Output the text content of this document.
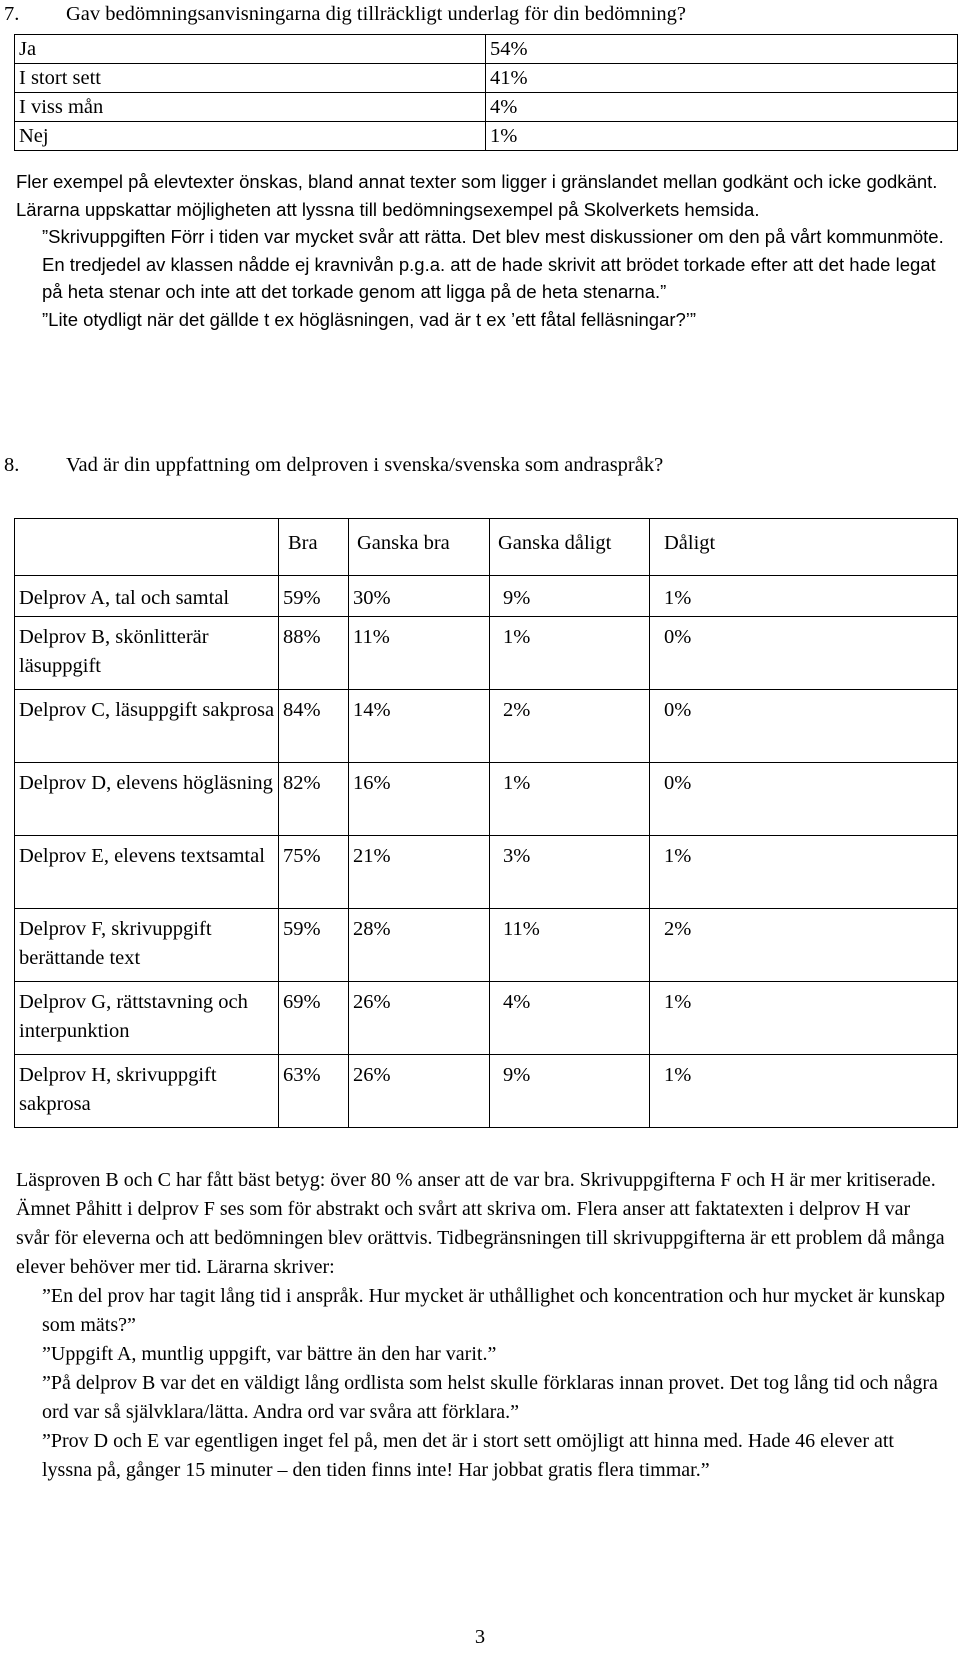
7. Gav bedömningsanvisningarna dig tillräckligt underlag för din bedömning?
Ja	54%
I stort sett	41%
I viss mån	4%
Nej	1%

Fler exempel på elevtexter önskas, bland annat texter som ligger i gränslandet mellan godkänt och icke godkänt. Lärarna uppskattar möjligheten att lyssna till bedömningsexempel på Skolverkets hemsida.

”Skrivuppgiften Förr i tiden var mycket svår att rätta. Det blev mest diskussioner om den på vårt kommunmöte. En tredjedel av klassen nådde ej kravnivån p.g.a. att de hade skrivit att brödet torkade efter att det hade legat på heta stenar och inte att det torkade genom att ligga på de heta stenarna.”

”Lite otydligt när det gällde t ex högläsningen, vad är t ex ’ett fåtal felläsningar?’”

8. Vad är din uppfattning om delproven i svenska/svenska som andraspråk?
	Bra	Ganska bra	Ganska dåligt	Dåligt
Delprov A, tal och samtal	59%	30%	9%	1%
Delprov B, skönlitterär läsuppgift	88%	11%	1%	0%
Delprov C, läsuppgift sakprosa	84%	14%	2%	0%
Delprov D, elevens högläsning	82%	16%	1%	0%
Delprov E, elevens textsamtal	75%	21%	3%	1%
Delprov F, skrivuppgift berättande text	59%	28%	11%	2%
Delprov G, rättstavning och interpunktion	69%	26%	4%	1%
Delprov H, skrivuppgift sakprosa	63%	26%	9%	1%

Läsproven B och C har fått bäst betyg: över 80 % anser att de var bra. Skrivuppgifterna F och H är mer kritiserade. Ämnet Påhitt i delprov F ses som för abstrakt och svårt att skriva om. Flera anser att faktatexten i delprov H var svår för eleverna och att bedömningen blev orättvis. Tidbegränsningen till skrivuppgifterna är ett problem då många elever behöver mer tid. Lärarna skriver:

”En del prov har tagit lång tid i anspråk. Hur mycket är uthållighet och koncentration och hur mycket är kunskap som mäts?”

”Uppgift A, muntlig uppgift, var bättre än den har varit.”

”På delprov B var det en väldigt lång ordlista som helst skulle förklaras innan provet. Det tog lång tid och några ord var så självklara/lätta. Andra ord var svåra att förklara.”

”Prov D och E var egentligen inget fel på, men det är i stort sett omöjligt att hinna med. Hade 46 elever att lyssna på, gånger 15 minuter – den tiden finns inte! Har jobbat gratis flera timmar.”

3
